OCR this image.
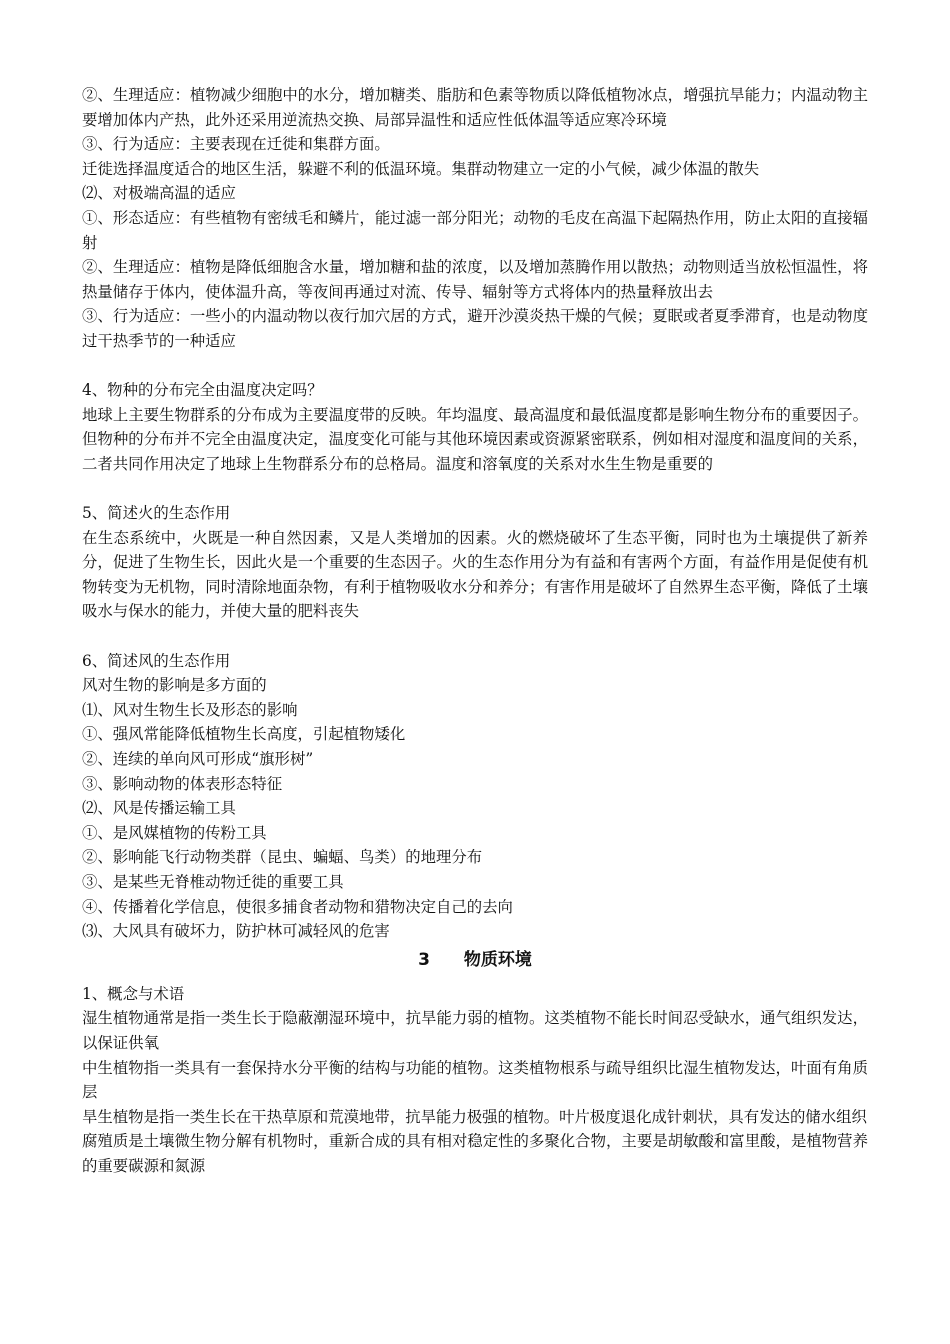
②、生理适应：植物减少细胞中的水分，增加糖类、脂肪和色素等物质以降低植物冰点，增强抗旱能力；内温动物主要增加体内产热，此外还采用逆流热交换、局部异温性和适应性低体温等适应寒冷环境

③、行为适应：主要表现在迁徙和集群方面。

迁徙选择温度适合的地区生活，躲避不利的低温环境。集群动物建立一定的小气候，减少体温的散失

⑵、对极端高温的适应

①、形态适应：有些植物有密绒毛和鳞片，能过滤一部分阳光；动物的毛皮在高温下起隔热作用，防止太阳的直接辐射

②、生理适应：植物是降低细胞含水量，增加糖和盐的浓度，以及增加蒸腾作用以散热；动物则适当放松恒温性，将热量储存于体内，使体温升高，等夜间再通过对流、传导、辐射等方式将体内的热量释放出去

③、行为适应：一些小的内温动物以夜行加穴居的方式，避开沙漠炎热干燥的气候；夏眠或者夏季滞育，也是动物度过干热季节的一种适应

4、物种的分布完全由温度决定吗？

地球上主要生物群系的分布成为主要温度带的反映。年均温度、最高温度和最低温度都是影响生物分布的重要因子。但物种的分布并不完全由温度决定，温度变化可能与其他环境因素或资源紧密联系，例如相对湿度和温度间的关系，二者共同作用决定了地球上生物群系分布的总格局。温度和溶氧度的关系对水生生物是重要的

5、简述火的生态作用

在生态系统中，火既是一种自然因素，又是人类增加的因素。火的燃烧破坏了生态平衡，同时也为土壤提供了新养分，促进了生物生长，因此火是一个重要的生态因子。火的生态作用分为有益和有害两个方面，有益作用是促使有机物转变为无机物，同时清除地面杂物，有利于植物吸收水分和养分；有害作用是破坏了自然界生态平衡，降低了土壤吸水与保水的能力，并使大量的肥料丧失

6、简述风的生态作用

风对生物的影响是多方面的

⑴、风对生物生长及形态的影响

①、强风常能降低植物生长高度，引起植物矮化

②、连续的单向风可形成“旗形树”

③、影响动物的体表形态特征

⑵、风是传播运输工具

①、是风媒植物的传粉工具

②、影响能飞行动物类群（昆虫、蝙蝠、鸟类）的地理分布

③、是某些无脊椎动物迁徙的重要工具

④、传播着化学信息，使很多捕食者动物和猎物决定自己的去向

⑶、大风具有破坏力，防护林可减轻风的危害

3 物质环境

1、概念与术语

湿生植物通常是指一类生长于隐蔽潮湿环境中，抗旱能力弱的植物。这类植物不能长时间忍受缺水，通气组织发达，以保证供氧

中生植物指一类具有一套保持水分平衡的结构与功能的植物。这类植物根系与疏导组织比湿生植物发达，叶面有角质层

旱生植物是指一类生长在干热草原和荒漠地带，抗旱能力极强的植物。叶片极度退化成针刺状，具有发达的储水组织

腐殖质是土壤微生物分解有机物时，重新合成的具有相对稳定性的多聚化合物，主要是胡敏酸和富里酸，是植物营养的重要碳源和氮源
